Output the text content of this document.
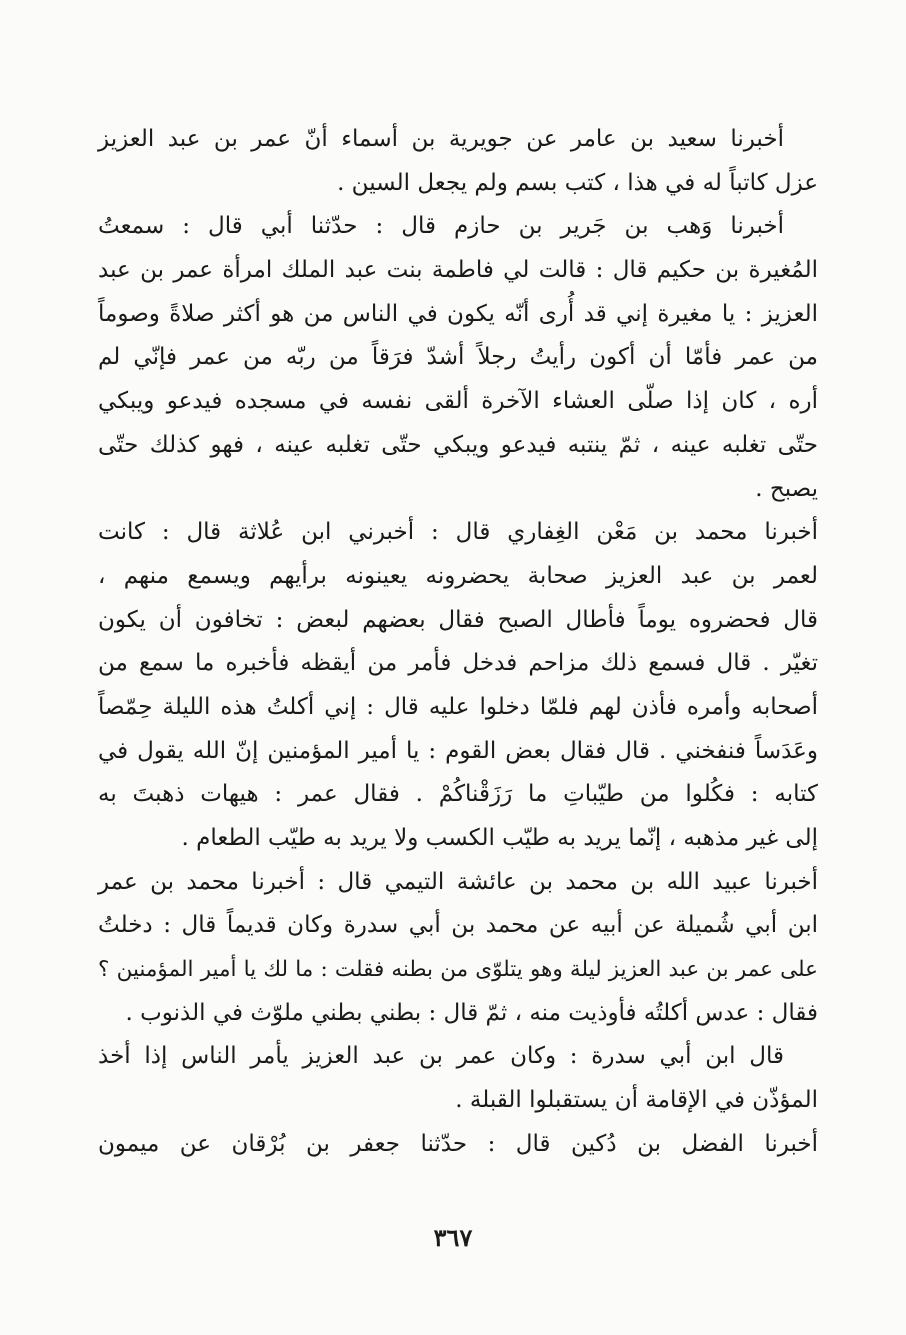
أخبرنا سعيد بن عامر عن جويرية بن أسماء أنّ عمر بن عبد العزيز
عزل كاتباً له في هذا ، كتب بسم ولم يجعل السين .
أخبرنا وَهب بن جَرير بن حازم قال : حدّثنا أبي قال : سمعتُ
المُغيرة بن حكيم قال : قالت لي فاطمة بنت عبد الملك امرأة عمر بن عبد
العزيز : يا مغيرة إني قد أُرى أنّه يكون في الناس من هو أكثر صلاةً وصوماً
من عمر فأمّا أن أكون رأيتُ رجلاً أشدّ فرَقاً من ربّه من عمر فإنّي لم
أره ، كان إذا صلّى العشاء الآخرة ألقى نفسه في مسجده فيدعو ويبكي
حتّى تغلبه عينه ، ثمّ ينتبه فيدعو ويبكي حتّى تغلبه عينه ، فهو كذلك حتّى
يصبح .
أخبرنا محمد بن مَعْن الغِفاري قال : أخبرني ابن عُلاثة قال : كانت
لعمر بن عبد العزيز صحابة يحضرونه يعينونه برأيهم ويسمع منهم ،
قال فحضروه يوماً فأطال الصبح فقال بعضهم لبعض : تخافون أن يكون
تغيّر . قال فسمع ذلك مزاحم فدخل فأمر من أيقظه فأخبره ما سمع من
أصحابه وأمره فأذن لهم فلمّا دخلوا عليه قال : إني أكلتُ هذه الليلة حِمّصاً
وعَدَساً فنفخني . قال فقال بعض القوم : يا أمير المؤمنين إنّ الله يقول في
كتابه : فكُلوا من طيّباتِ ما رَزَقْناكُمْ . فقال عمر : هيهات ذهبتَ به
إلى غير مذهبه ، إنّما يريد به طيّب الكسب ولا يريد به طيّب الطعام .
أخبرنا عبيد الله بن محمد بن عائشة التيمي قال : أخبرنا محمد بن عمر
ابن أبي شُميلة عن أبيه عن محمد بن أبي سدرة وكان قديماً قال : دخلتُ
على عمر بن عبد العزيز ليلة وهو يتلوّى من بطنه فقلت : ما لك يا أمير المؤمنين ؟
فقال : عدس أكلتُه فأوذيت منه ، ثمّ قال : بطني بطني ملوّث في الذنوب .
قال ابن أبي سدرة : وكان عمر بن عبد العزيز يأمر الناس إذا أخذ
المؤذّن في الإقامة أن يستقبلوا القبلة .
أخبرنا الفضل بن دُكين قال : حدّثنا جعفر بن بُرْقان عن ميمون
٣٦٧
